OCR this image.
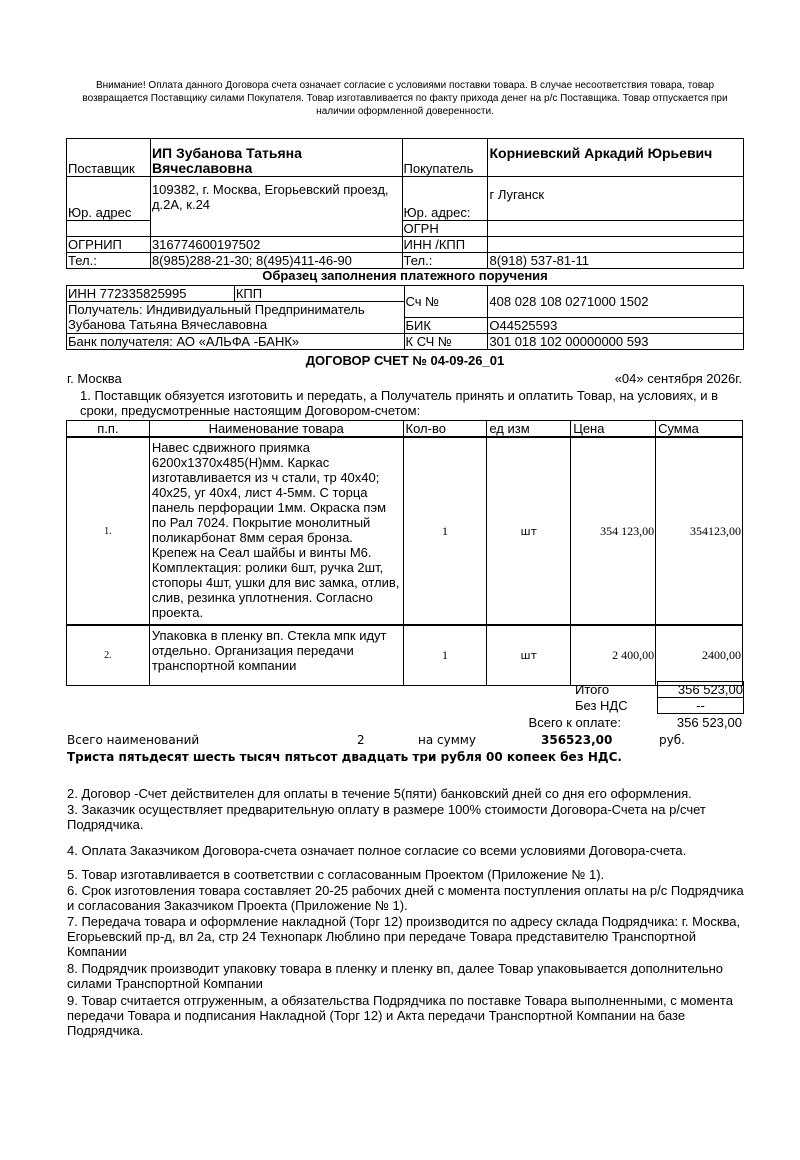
Внимание! Оплата данного Договора счета означает согласие с условиями поставки товара. В случае несоответствия товара, товар возвращается Поставщику силами Покупателя. Товар изготавливается по факту прихода денег на р/с Поставщика. Товар отпускается при наличии оформленной доверенности.
Поставщик	ИП Зубанова Татьяна Вячеславовна	Покупатель	Корниевский Аркадий Юрьевич
Юр. адрес	109382, г. Москва, Егорьевский проезд, д.2А, к.24	Юр. адрес:	г Луганск
		ОГРН	
ОГРНИП	316774600197502	ИНН /КПП	
Тел.:	8(985)288-21-30; 8(495)411-46-90	Тел.:	8(918) 537-81-11
Образец заполнения платежного поручения
ИНН 772335825995	КПП	Сч №	408 028 108 0271000 1502
Получатель: Индивидуальный Предприниматель Зубанова Татьяна Вячеславовна			
		БИК	О44525593
Банк получателя: АО «АЛЬФА -БАНК»		К СЧ №	301 018 102 00000000 593
ДОГОВОР СЧЕТ № 04-09-26_01
г. Москва	«04» сентября 2026г.
1. Поставщик обязуется изготовить и передать, а Получатель принять и оплатить Товар, на условиях, и в сроки, предусмотренные настоящим Договором-счетом:
п.п.	Наименование товара	Кол-во	ед изм	Цена	Сумма
1.	Навес сдвижного приямка 6200х1370х485(Н)мм. Каркас изготавливается из ч стали, тр 40х40; 40х25, уг 40х4, лист 4-5мм. С торца панель перфорации 1мм. Окраска пэм по Рал 7024. Покрытие монолитный поликарбонат 8мм серая бронза. Крепеж на Сеал шайбы и винты М6. Комплектация: ролики 6шт, ручка 2шт, стопоры 4шт, ушки для вис замка, отлив, слив, резинка уплотнения. Согласно проекта.	1	шт	354 123,00	354123,00
2.	Упаковка в пленку вп. Стекла мпк идут отдельно. Организация передачи транспортной компании	1	шт	2 400,00	2400,00
Итого	356 523,00
Без НДС	--
Всего к оплате:	356 523,00
Всего наименований	2	на сумму	356523,00	руб.
Триста пятьдесят шесть тысяч пятьсот двадцать три рубля 00 копеек без НДС.
2. Договор -Счет действителен для оплаты в течение 5(пяти) банковский дней со дня его оформления.
3. Заказчик осуществляет предварительную оплату в размере 100% стоимости Договора-Счета на р/счет Подрядчика.
4. Оплата Заказчиком Договора-счета означает полное согласие со всеми условиями Договора-счета.
5. Товар изготавливается в соответствии с согласованным Проектом (Приложение № 1).
6. Срок изготовления товара составляет 20-25 рабочих дней с момента поступления оплаты на р/с Подрядчика и согласования Заказчиком Проекта (Приложение № 1).
7. Передача товара и оформление накладной (Торг 12) производится по адресу склада Подрядчика: г. Москва, Егорьевский пр-д, вл 2а, стр 24 Технопарк Люблино при передаче Товара представителю Транспортной Компании
8. Подрядчик производит упаковку товара в пленку и пленку вп, далее Товар упаковывается дополнительно силами Транспортной Компании
9. Товар считается отгруженным, а обязательства Подрядчика по поставке Товара выполненными, с момента передачи Товара и подписания Накладной (Торг 12) и Акта передачи Транспортной Компании на базе Подрядчика.
